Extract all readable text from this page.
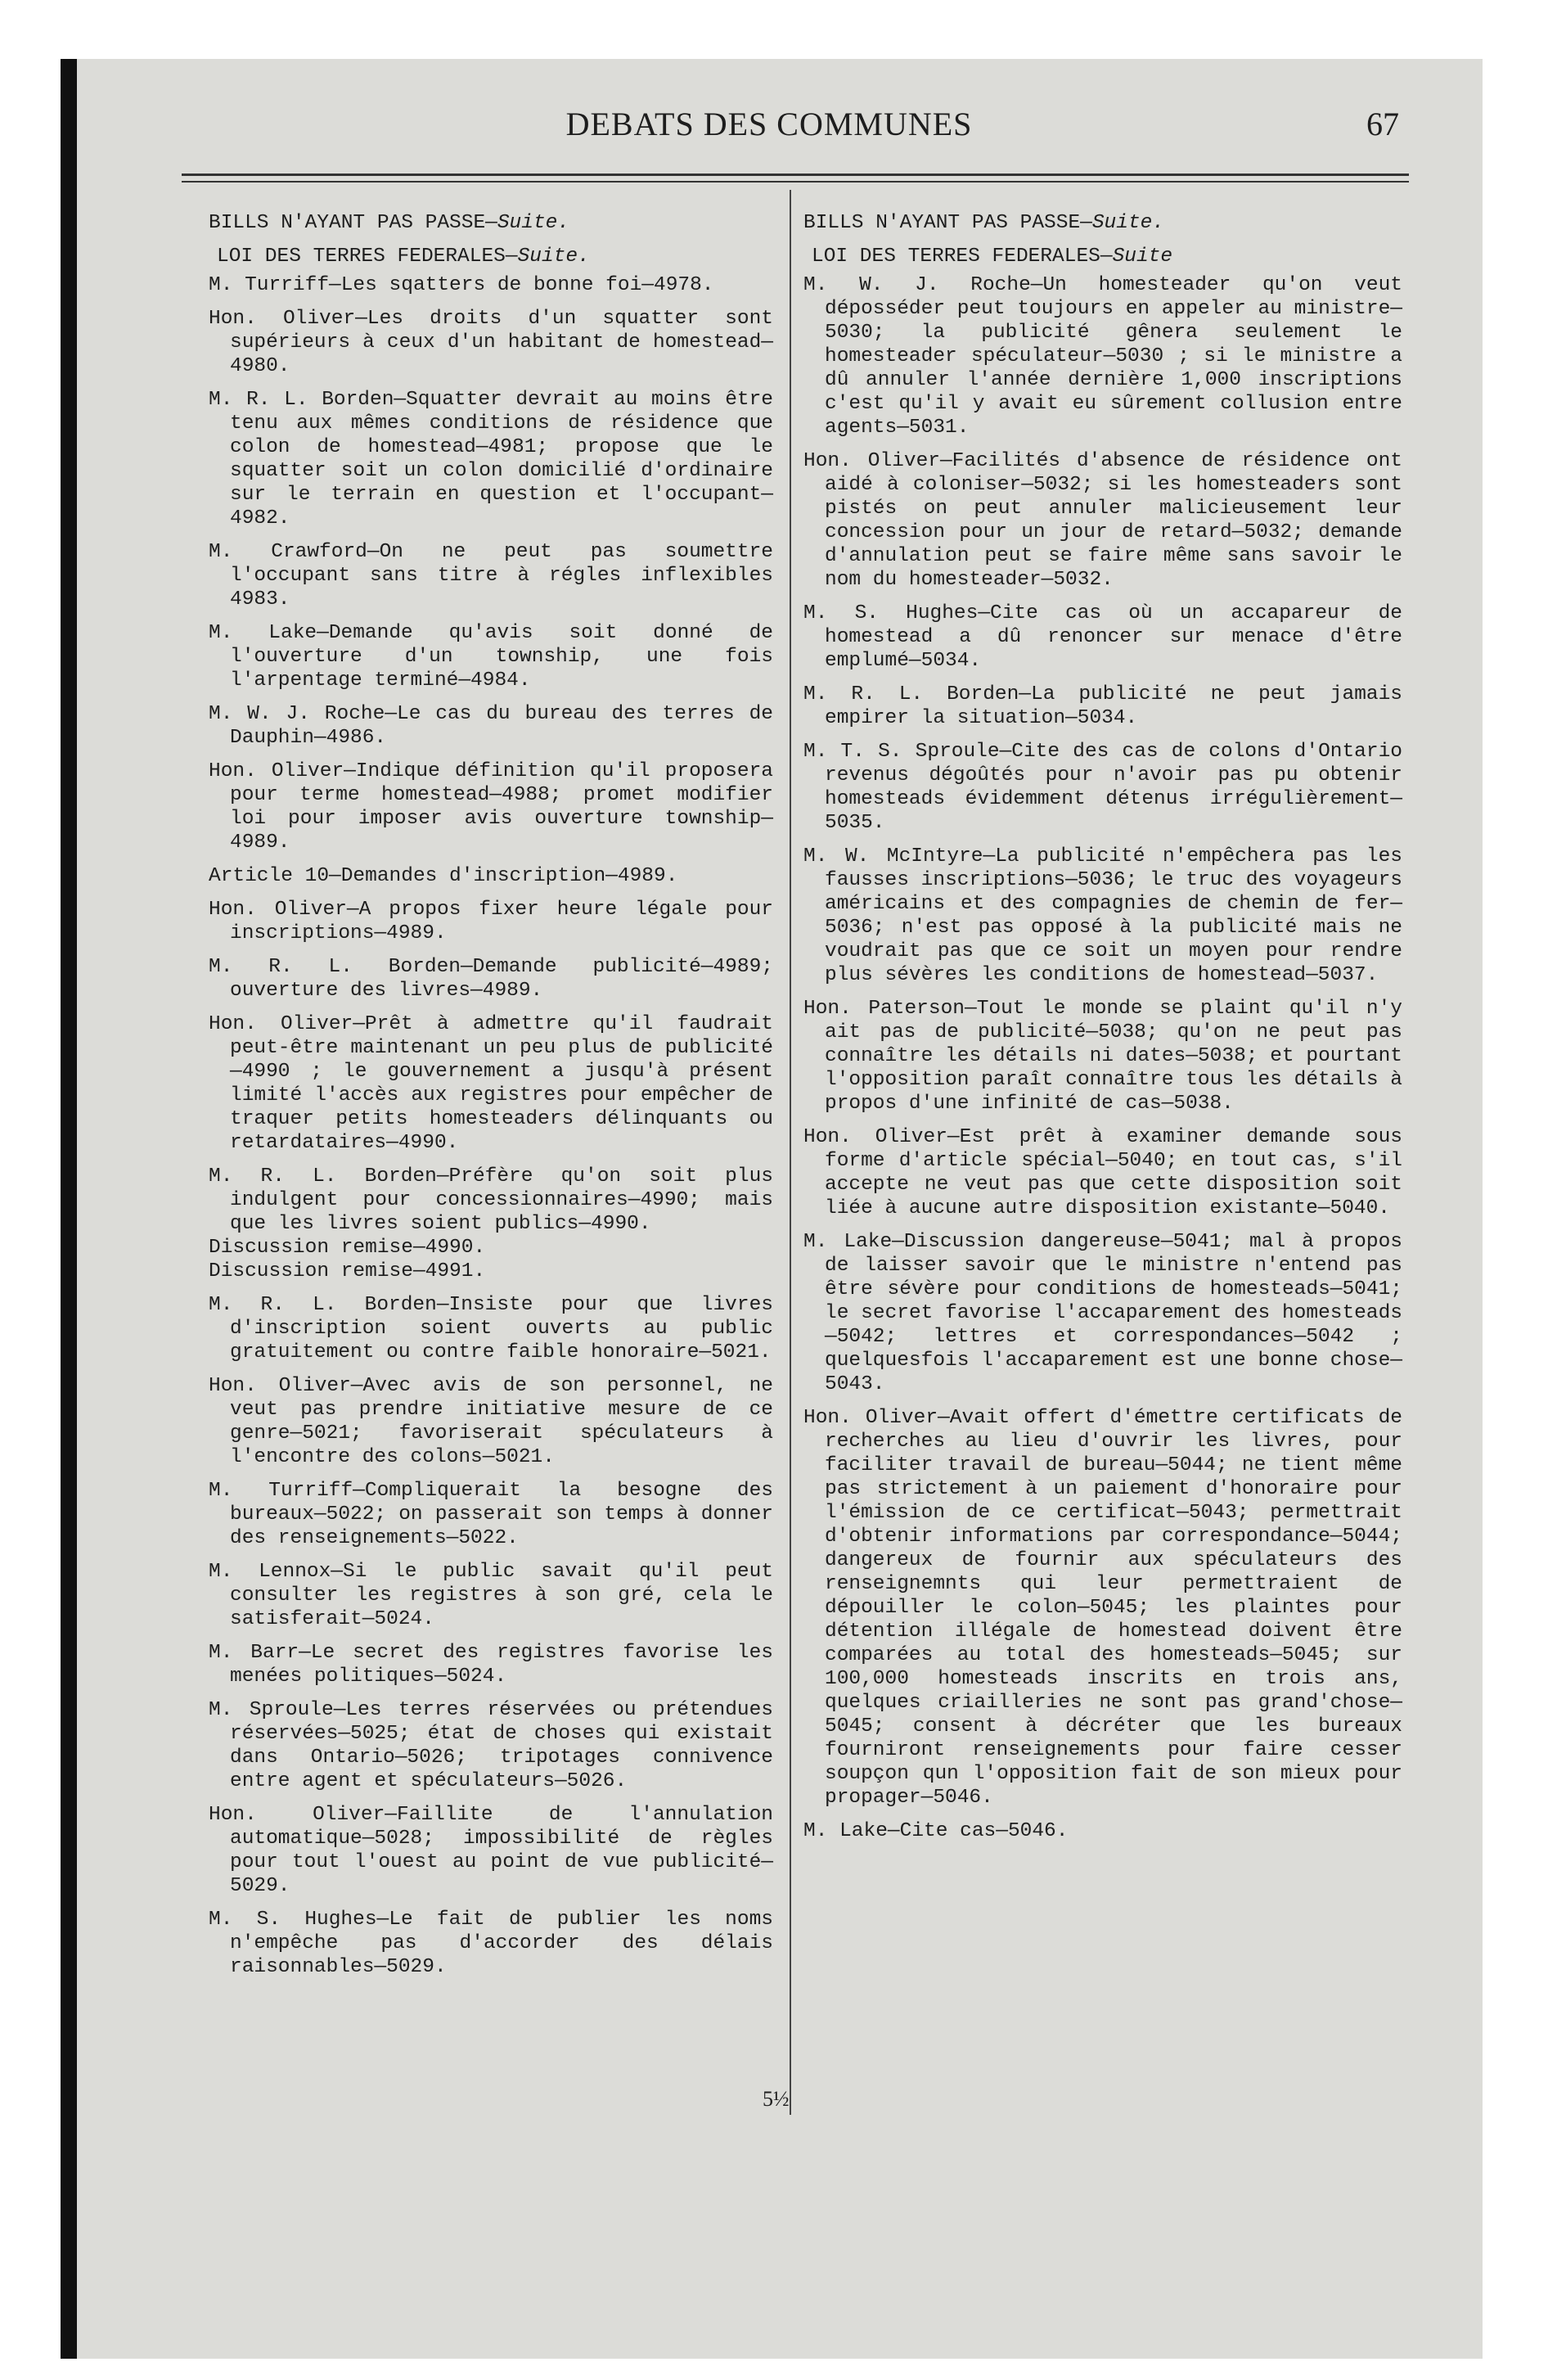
DEBATS DES COMMUNES	67
BILLS N'AYANT PAS PASSE—Suite.
LOI DES TERRES FEDERALES—Suite.
M. Turriff—Les sqatters de bonne foi—4978.
Hon. Oliver—Les droits d'un squatter sont supérieurs à ceux d'un habitant de homestead—4980.
M. R. L. Borden—Squatter devrait au moins être tenu aux mêmes conditions de résidence que colon de homestead—4981; propose que le squatter soit un colon domicilié d'ordinaire sur le terrain en question et l'occupant—4982.
M. Crawford—On ne peut pas soumettre l'occupant sans titre à régles inflexibles 4983.
M. Lake—Demande qu'avis soit donné de l'ouverture d'un township, une fois l'arpentage terminé—4984.
M. W. J. Roche—Le cas du bureau des terres de Dauphin—4986.
Hon. Oliver—Indique définition qu'il proposera pour terme homestead—4988; promet modifier loi pour imposer avis ouverture township—4989.
Article 10—Demandes d'inscription—4989.
Hon. Oliver—A propos fixer heure légale pour inscriptions—4989.
M. R. L. Borden—Demande publicité—4989; ouverture des livres—4989.
Hon. Oliver—Prêt à admettre qu'il faudrait peut-être maintenant un peu plus de publicité—4990 ; le gouvernement a jusqu'à présent limité l'accès aux registres pour empêcher de traquer petits homesteaders délinquants ou retardataires—4990.
M. R. L. Borden—Préfère qu'on soit plus indulgent pour concessionnaires—4990; mais que les livres soient publics—4990.
Discussion remise—4990.
Discussion remise—4991.
M. R. L. Borden—Insiste pour que livres d'inscription soient ouverts au public gratuitement ou contre faible honoraire—5021.
Hon. Oliver—Avec avis de son personnel, ne veut pas prendre initiative mesure de ce genre—5021; favoriserait spéculateurs à l'encontre des colons—5021.
M. Turriff—Compliquerait la besogne des bureaux—5022; on passerait son temps à donner des renseignements—5022.
M. Lennox—Si le public savait qu'il peut consulter les registres à son gré, cela le satisferait—5024.
M. Barr—Le secret des registres favorise les menées politiques—5024.
M. Sproule—Les terres réservées ou prétendues réservées—5025; état de choses qui existait dans Ontario—5026; tripotages connivence entre agent et spéculateurs—5026.
Hon. Oliver—Faillite de l'annulation automatique—5028; impossibilité de règles pour tout l'ouest au point de vue publicité—5029.
M. S. Hughes—Le fait de publier les noms n'empêche pas d'accorder des délais raisonnables—5029.
BILLS N'AYANT PAS PASSE—Suite.
LOI DES TERRES FEDERALES—Suite
M. W. J. Roche—Un homesteader qu'on veut déposséder peut toujours en appeler au ministre—5030; la publicité gênera seulement le homesteader spéculateur—5030 ; si le ministre a dû annuler l'année dernière 1,000 inscriptions c'est qu'il y avait eu sûrement collusion entre agents—5031.
Hon. Oliver—Facilités d'absence de résidence ont aidé à coloniser—5032; si les homesteaders sont pistés on peut annuler malicieusement leur concession pour un jour de retard—5032; demande d'annulation peut se faire même sans savoir le nom du homesteader—5032.
M. S. Hughes—Cite cas où un accapareur de homestead a dû renoncer sur menace d'être emplumé—5034.
M. R. L. Borden—La publicité ne peut jamais empirer la situation—5034.
M. T. S. Sproule—Cite des cas de colons d'Ontario revenus dégoûtés pour n'avoir pas pu obtenir homesteads évidemment détenus irrégulièrement—5035.
M. W. McIntyre—La publicité n'empêchera pas les fausses inscriptions—5036; le truc des voyageurs américains et des compagnies de chemin de fer—5036; n'est pas opposé à la publicité mais ne voudrait pas que ce soit un moyen pour rendre plus sévères les conditions de homestead—5037.
Hon. Paterson—Tout le monde se plaint qu'il n'y ait pas de publicité—5038; qu'on ne peut pas connaître les détails ni dates—5038; et pourtant l'opposition paraît connaître tous les détails à propos d'une infinité de cas—5038.
Hon. Oliver—Est prêt à examiner demande sous forme d'article spécial—5040; en tout cas, s'il accepte ne veut pas que cette disposition soit liée à aucune autre disposition existante—5040.
M. Lake—Discussion dangereuse—5041; mal à propos de laisser savoir que le ministre n'entend pas être sévère pour conditions de homesteads—5041; le secret favorise l'accaparement des homesteads—5042; lettres et correspondances—5042 ; quelquesfois l'accaparement est une bonne chose—5043.
Hon. Oliver—Avait offert d'émettre certificats de recherches au lieu d'ouvrir les livres, pour faciliter travail de bureau—5044; ne tient même pas strictement à un paiement d'honoraire pour l'émission de ce certificat—5043; permettrait d'obtenir informations par correspondance—5044; dangereux de fournir aux spéculateurs des renseignemnts qui leur permettraient de dépouiller le colon—5045; les plaintes pour détention illégale de homestead doivent être comparées au total des homesteads—5045; sur 100,000 homesteads inscrits en trois ans, quelques criailleries ne sont pas grand'chose—5045; consent à décréter que les bureaux fourniront renseignements pour faire cesser soupçon qun l'opposition fait de son mieux pour propager—5046.
M. Lake—Cite cas—5046.
5½
